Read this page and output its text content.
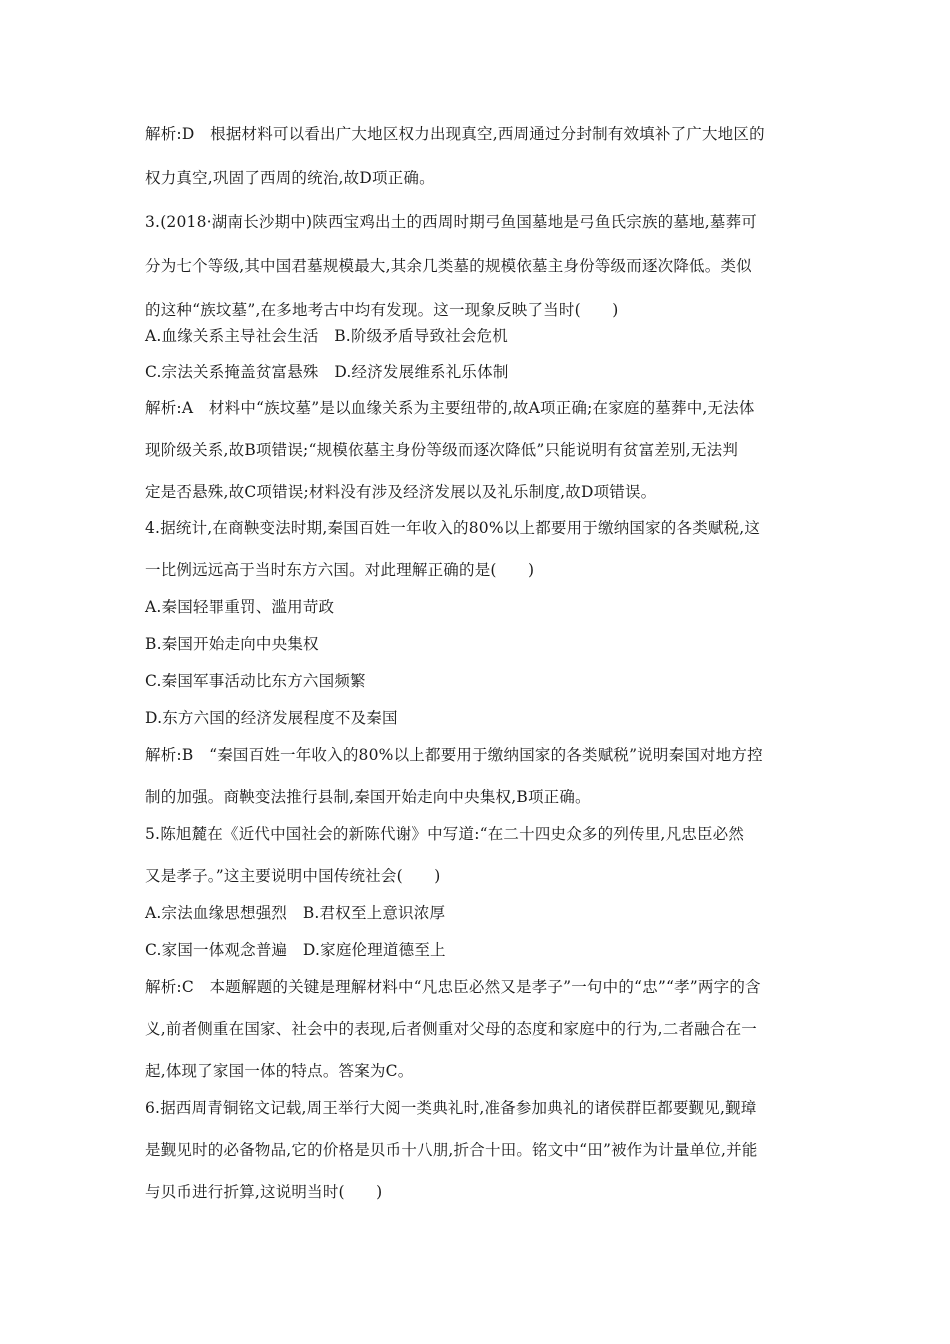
解析:D　根据材料可以看出广大地区权力出现真空,西周通过分封制有效填补了广大地区的
权力真空,巩固了西周的统治,故D项正确。
3.(2018·湖南长沙期中)陕西宝鸡出土的西周时期弓鱼国墓地是弓鱼氏宗族的墓地,墓葬可
分为七个等级,其中国君墓规模最大,其余几类墓的规模依墓主身份等级而逐次降低。类似
的这种“族坟墓”,在多地考古中均有发现。这一现象反映了当时(　　)
A.血缘关系主导社会生活　B.阶级矛盾导致社会危机
C.宗法关系掩盖贫富悬殊　D.经济发展维系礼乐体制
解析:A　材料中“族坟墓”是以血缘关系为主要纽带的,故A项正确;在家庭的墓葬中,无法体
现阶级关系,故B项错误;“规模依墓主身份等级而逐次降低”只能说明有贫富差别,无法判
定是否悬殊,故C项错误;材料没有涉及经济发展以及礼乐制度,故D项错误。
4.据统计,在商鞅变法时期,秦国百姓一年收入的80%以上都要用于缴纳国家的各类赋税,这
一比例远远高于当时东方六国。对此理解正确的是(　　)
A.秦国轻罪重罚、滥用苛政
B.秦国开始走向中央集权
C.秦国军事活动比东方六国频繁
D.东方六国的经济发展程度不及秦国
解析:B　“秦国百姓一年收入的80%以上都要用于缴纳国家的各类赋税”说明秦国对地方控
制的加强。商鞅变法推行县制,秦国开始走向中央集权,B项正确。
5.陈旭麓在《近代中国社会的新陈代谢》中写道:“在二十四史众多的列传里,凡忠臣必然
又是孝子。”这主要说明中国传统社会(　　)
A.宗法血缘思想强烈　B.君权至上意识浓厚
C.家国一体观念普遍　D.家庭伦理道德至上
解析:C　本题解题的关键是理解材料中“凡忠臣必然又是孝子”一句中的“忠”“孝”两字的含
义,前者侧重在国家、社会中的表现,后者侧重对父母的态度和家庭中的行为,二者融合在一
起,体现了家国一体的特点。答案为C。
6.据西周青铜铭文记载,周王举行大阅一类典礼时,准备参加典礼的诸侯群臣都要觐见,觐璋
是觐见时的必备物品,它的价格是贝币十八朋,折合十田。铭文中“田”被作为计量单位,并能
与贝币进行折算,这说明当时(　　)
